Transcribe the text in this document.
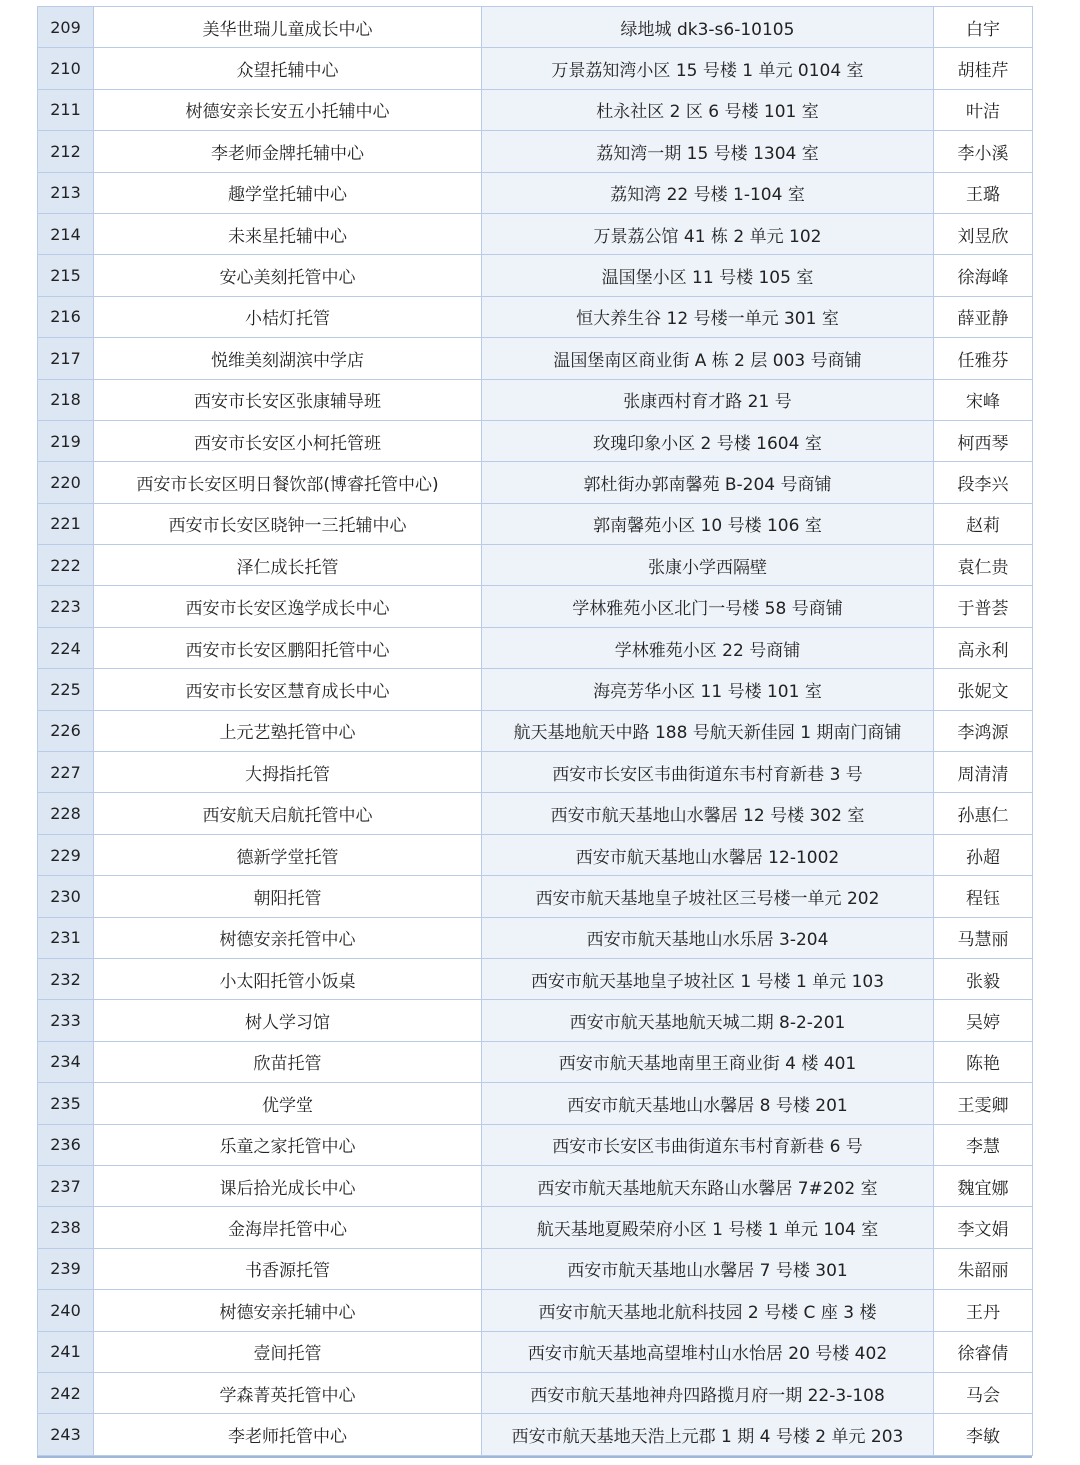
209	美华世瑞儿童成长中心	绿地城 dk3-s6-10105	白宇
210	众望托辅中心	万景荔知湾小区 15 号楼 1 单元 0104 室	胡桂芹
211	树德安亲长安五小托辅中心	杜永社区 2 区 6 号楼 101 室	叶洁
212	李老师金牌托辅中心	荔知湾一期 15 号楼 1304 室	李小溪
213	趣学堂托辅中心	荔知湾 22 号楼 1-104 室	王璐
214	未来星托辅中心	万景荔公馆 41 栋 2 单元 102	刘昱欣
215	安心美刻托管中心	温国堡小区 11 号楼 105 室	徐海峰
216	小桔灯托管	恒大养生谷 12 号楼一单元 301 室	薛亚静
217	悦维美刻湖滨中学店	温国堡南区商业街 A 栋 2 层 003 号商铺	任雅芬
218	西安市长安区张康辅导班	张康西村育才路 21 号	宋峰
219	西安市长安区小柯托管班	玫瑰印象小区 2 号楼 1604 室	柯西琴
220	西安市长安区明日餐饮部(博睿托管中心)	郭杜街办郭南馨苑 B-204 号商铺	段李兴
221	西安市长安区晓钟一三托辅中心	郭南馨苑小区 10 号楼 106 室	赵莉
222	泽仁成长托管	张康小学西隔壁	袁仁贵
223	西安市长安区逸学成长中心	学林雅苑小区北门一号楼 58 号商铺	于普荟
224	西安市长安区鹏阳托管中心	学林雅苑小区 22 号商铺	高永利
225	西安市长安区慧育成长中心	海亮芳华小区 11 号楼 101 室	张妮文
226	上元艺塾托管中心	航天基地航天中路 188 号航天新佳园 1 期南门商铺	李鸿源
227	大拇指托管	西安市长安区韦曲街道东韦村育新巷 3 号	周清清
228	西安航天启航托管中心	西安市航天基地山水馨居 12 号楼 302 室	孙惠仁
229	德新学堂托管	西安市航天基地山水馨居 12-1002	孙超
230	朝阳托管	西安市航天基地皇子坡社区三号楼一单元 202	程钰
231	树德安亲托管中心	西安市航天基地山水乐居 3-204	马慧丽
232	小太阳托管小饭桌	西安市航天基地皇子坡社区 1 号楼 1 单元 103	张毅
233	树人学习馆	西安市航天基地航天城二期 8-2-201	吴婷
234	欣苗托管	西安市航天基地南里王商业街 4 楼 401	陈艳
235	优学堂	西安市航天基地山水馨居 8 号楼 201	王雯卿
236	乐童之家托管中心	西安市长安区韦曲街道东韦村育新巷 6 号	李慧
237	课后拾光成长中心	西安市航天基地航天东路山水馨居 7#202 室	魏宜娜
238	金海岸托管中心	航天基地夏殿荣府小区 1 号楼 1 单元 104 室	李文娟
239	书香源托管	西安市航天基地山水馨居 7 号楼 301	朱韶丽
240	树德安亲托辅中心	西安市航天基地北航科技园 2 号楼 C 座 3 楼	王丹
241	壹间托管	西安市航天基地高望堆村山水怡居 20 号楼 402	徐睿倩
242	学森菁英托管中心	西安市航天基地神舟四路揽月府一期 22-3-108	马会
243	李老师托管中心	西安市航天基地天浩上元郡 1 期 4 号楼 2 单元 203	李敏
